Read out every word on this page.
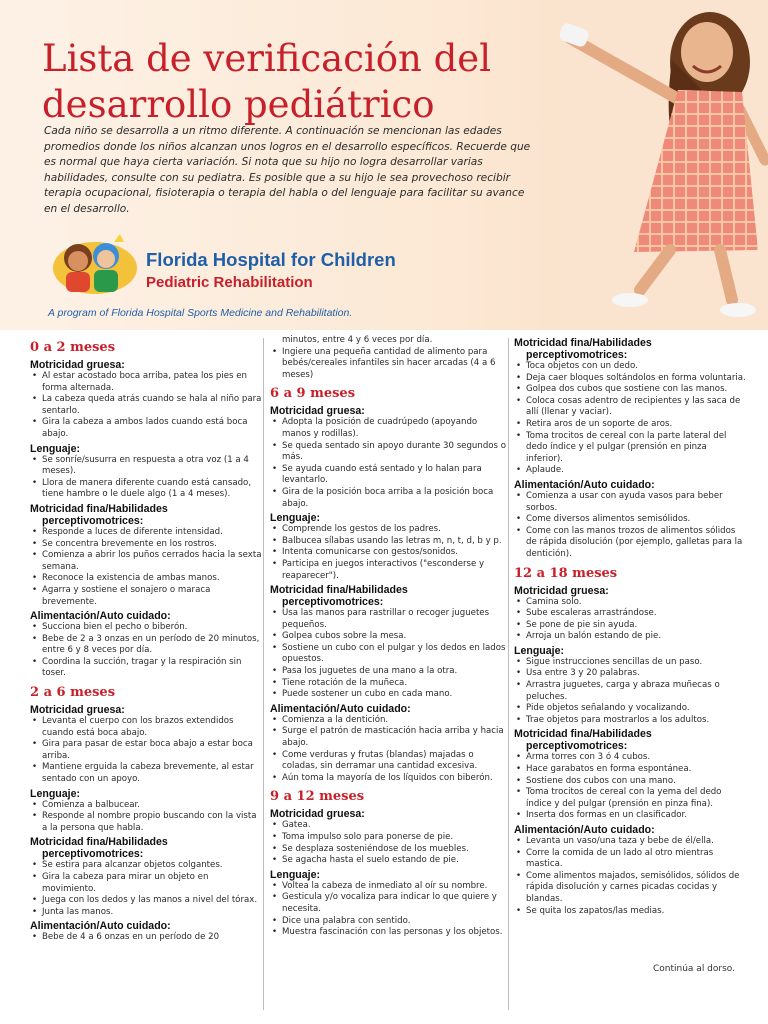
Lista de verificación del desarrollo pediátrico

Cada niño se desarrolla a un ritmo diferente. A continuación se mencionan las edades promedios donde los niños alcanzan unos logros en el desarrollo específicos. Recuerde que es normal que haya cierta variación. Si nota que su hijo no logra desarrollar varias habilidades, consulte con su pediatra. Es posible que a su hijo le sea provechoso recibir terapia ocupacional, fisioterapia o terapia del habla o del lenguaje para facilitar su avance en el desarrollo.

Florida Hospital for Children
Pediatric Rehabilitation
A program of Florida Hospital Sports Medicine and Rehabilitation.
0 a 2 meses
Motricidad gruesa:
• Al estar acostado boca arriba, patea los pies en forma alternada.
• La cabeza queda atrás cuando se hala al niño para sentarlo.
• Gira la cabeza a ambos lados cuando está boca abajo.
Lenguaje:
• Se sonríe/susurra en respuesta a otra voz (1 a 4 meses).
• Llora de manera diferente cuando está cansado, tiene hambre o le duele algo (1 a 4 meses).
Motricidad fina/Habilidades perceptivomotrices:
• Responde a luces de diferente intensidad.
• Se concentra brevemente en los rostros.
• Comienza a abrir los puños cerrados hacia la sexta semana.
• Reconoce la existencia de ambas manos.
• Agarra y sostiene el sonajero o maraca brevemente.
Alimentación/Auto cuidado:
• Succiona bien el pecho o biberón.
• Bebe de 2 a 3 onzas en un período de 20 minutos, entre 6 y 8 veces por día.
• Coordina la succión, tragar y la respiración sin toser.
2 a 6 meses
Motricidad gruesa:
• Levanta el cuerpo con los brazos extendidos cuando está boca abajo.
• Gira para pasar de estar boca abajo a estar boca arriba.
• Mantiene erguida la cabeza brevemente, al estar sentado con un apoyo.
Lenguaje:
• Comienza a balbucear.
• Responde al nombre propio buscando con la vista a la persona que habla.
Motricidad fina/Habilidades perceptivomotrices:
• Se estira para alcanzar objetos colgantes.
• Gira la cabeza para mirar un objeto en movimiento.
• Juega con los dedos y las manos a nivel del tórax.
• Junta las manos.
Alimentación/Auto cuidado:
• Bebe de 4 a 6 onzas en un período de 20
minutos, entre 4 y 6 veces por día.
• Ingiere una pequeña cantidad de alimento para bebés/cereales infantiles sin hacer arcadas (4 a 6 meses)
6 a 9 meses
Motricidad gruesa:
• Adopta la posición de cuadrúpedo (apoyando manos y rodillas).
• Se queda sentado sin apoyo durante 30 segundos o más.
• Se ayuda cuando está sentado y lo halan para levantarlo.
• Gira de la posición boca arriba a la posición boca abajo.
Lenguaje:
• Comprende los gestos de los padres.
• Balbucea sílabas usando las letras m, n, t, d, b y p.
• Intenta comunicarse con gestos/sonidos.
• Participa en juegos interactivos ("esconderse y reaparecer").
Motricidad fina/Habilidades perceptivomotrices:
• Usa las manos para rastrillar o recoger juguetes pequeños.
• Golpea cubos sobre la mesa.
• Sostiene un cubo con el pulgar y los dedos en lados opuestos.
• Pasa los juguetes de una mano a la otra.
• Tiene rotación de la muñeca.
• Puede sostener un cubo en cada mano.
Alimentación/Auto cuidado:
• Comienza a la dentición.
• Surge el patrón de masticación hacia arriba y hacia abajo.
• Come verduras y frutas (blandas) majadas o coladas, sin derramar una cantidad excesiva.
• Aún toma la mayoría de los líquidos con biberón.
9 a 12 meses
Motricidad gruesa:
• Gatea.
• Toma impulso solo para ponerse de pie.
• Se desplaza sosteniéndose de los muebles.
• Se agacha hasta el suelo estando de pie.
Lenguaje:
• Voltea la cabeza de inmediato al oír su nombre.
• Gesticula y/o vocaliza para indicar lo que quiere y necesita.
• Dice una palabra con sentido.
• Muestra fascinación con las personas y los objetos.
Motricidad fina/Habilidades perceptivomotrices:
• Toca objetos con un dedo.
• Deja caer bloques soltándolos en forma voluntaria.
• Golpea dos cubos que sostiene con las manos.
• Coloca cosas adentro de recipientes y las saca de allí (llenar y vaciar).
• Retira aros de un soporte de aros.
• Toma trocitos de cereal con la parte lateral del dedo índice y el pulgar (prensión en pinza inferior).
• Aplaude.
Alimentación/Auto cuidado:
• Comienza a usar con ayuda vasos para beber sorbos.
• Come diversos alimentos semisólidos.
• Come con las manos trozos de alimentos sólidos de rápida disolución (por ejemplo, galletas para la dentición).
12 a 18 meses
Motricidad gruesa:
• Camina solo.
• Sube escaleras arrastrándose.
• Se pone de pie sin ayuda.
• Arroja un balón estando de pie.
Lenguaje:
• Sigue instrucciones sencillas de un paso.
• Usa entre 3 y 20 palabras.
• Arrastra juguetes, carga y abraza muñecas o peluches.
• Pide objetos señalando y vocalizando.
• Trae objetos para mostrarlos a los adultos.
Motricidad fina/Habilidades perceptivomotrices:
• Arma torres con 3 ó 4 cubos.
• Hace garabatos en forma espontánea.
• Sostiene dos cubos con una mano.
• Toma trocitos de cereal con la yema del dedo índice y del pulgar (prensión en pinza fina).
• Inserta dos formas en un clasificador.
Alimentación/Auto cuidado:
• Levanta un vaso/una taza y bebe de él/ella.
• Corre la comida de un lado al otro mientras mastica.
• Come alimentos majados, semisólidos, sólidos de rápida disolución y carnes picadas cocidas y blandas.
• Se quita los zapatos/las medias.
Continúa al dorso.
